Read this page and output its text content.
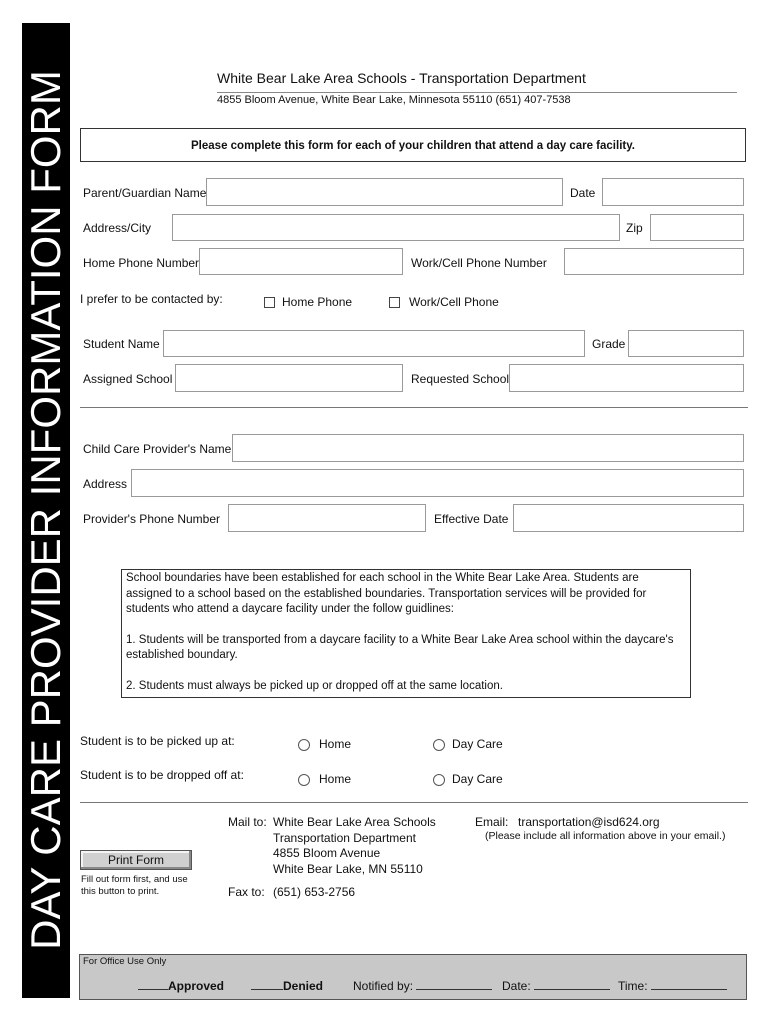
DAY CARE PROVIDER INFORMATION FORM	White Bear Lake Area Schools - Transportation Department
4855 Bloom Avenue, White Bear Lake, Minnesota 55110 (651) 407-7538
Please complete this form for each of your children that attend a day care facility.
Parent/Guardian Name	Date
Address/City	Zip
Home Phone Number	Work/Cell Phone Number
I prefer to be contacted by:	Home Phone	Work/Cell Phone
Student Name	Grade
Assigned School	Requested School
Child Care Provider's Name
Address
Provider's Phone Number	Effective Date

School boundaries have been established for each school in the White Bear Lake Area. Students are

assigned to a school based on the established boundaries. Transportation services will be provided for

students who attend a daycare facility under the follow guidlines:

1. Students will be transported from a daycare facility to a White Bear Lake Area school within the daycare's

established boundary.

2. Students must always be picked up or dropped off at the same location.

Student is to be picked up at:	Home	Day Care
Student is to be dropped off at:	Home	Day Care
Mail to: White Bear Lake Area Schools
Transportation Department
4855 Bloom Avenue
White Bear Lake, MN 55110
Fax to: (651) 653-2756
Email: transportation@isd624.org
(Please include all information above in your email.)
Print Form
Fill out form first, and use
this button to print.
For Office Use Only
Approved	Denied Notified by:	Date:	Time:
